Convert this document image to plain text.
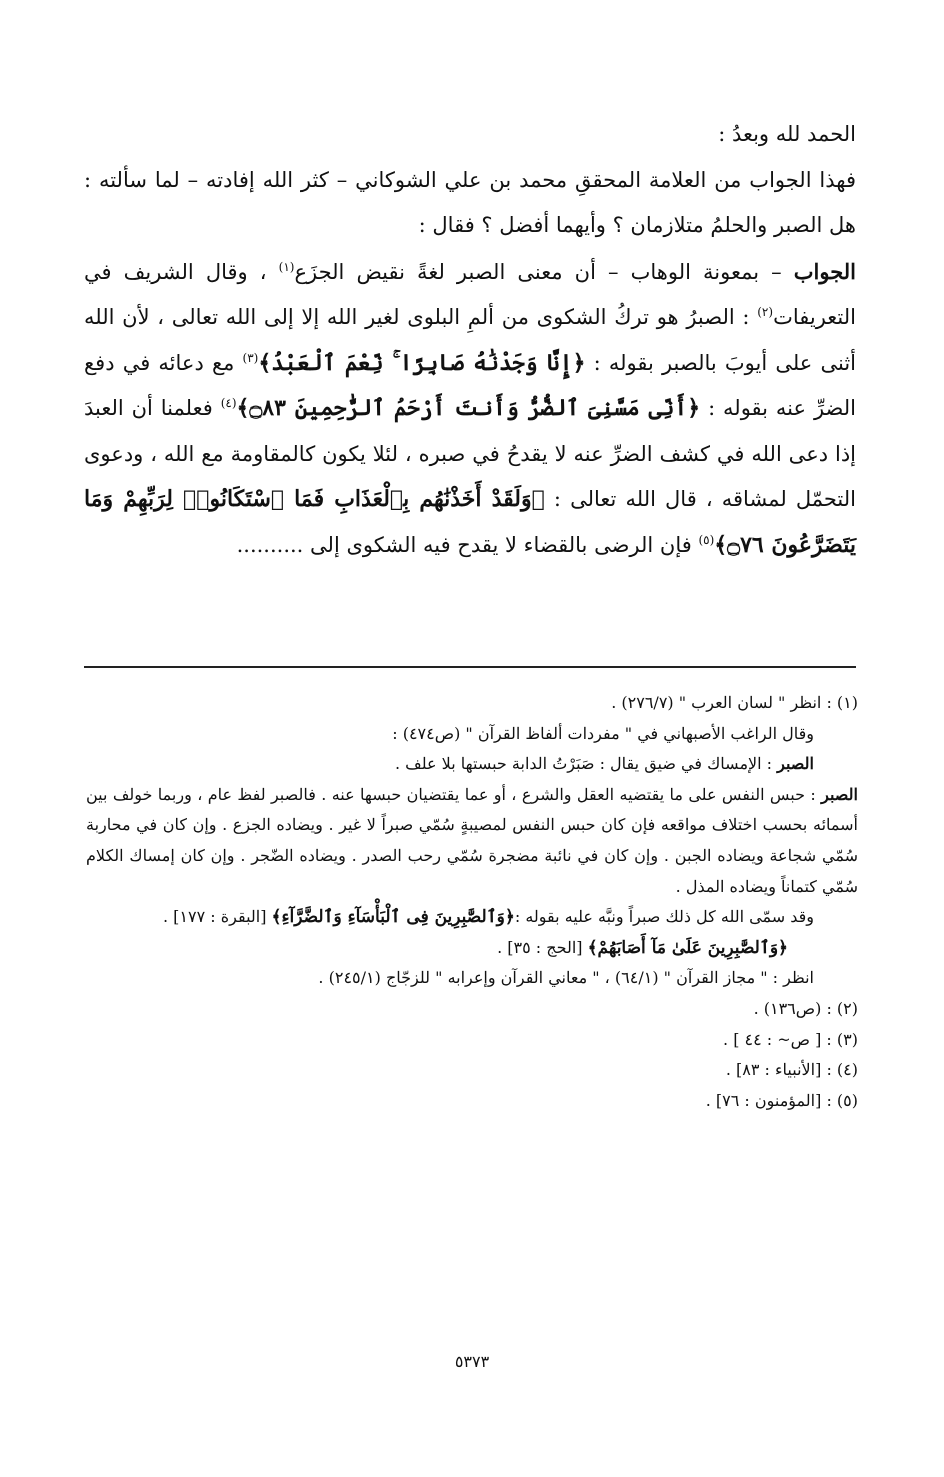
الحمد لله وبعدُ :

فهذا الجواب من العلامة المحققِ محمد بن علي الشوكاني – كثر الله إفادته – لما سألته : هل الصبر والحلمُ متلازمان ؟ وأيهما أفضل ؟ فقال :

الجواب – بمعونة الوهاب – أن معنى الصبر لغةً نقيض الجزَع$^{(١)}$ ، وقال الشريف في التعريفات$^{(٢)}$ : الصبرُ هو تركُ الشكوى من ألمِ البلوى لغير الله إلا إلى الله تعالى ، لأن الله أثنى على أيوبَ بالصبر بقوله : ﴿إِنَّا وَجَدْنَٰهُ صَابِرًا ۚ نِّعْمَ ٱلْعَبْدُ﴾$^{(٣)}$ مع دعائه في دفع الضرِّ عنه بقوله : ﴿أَنِّى مَسَّنِىَ ٱلضُّرُّ وَأَنتَ أَرْحَمُ ٱلرَّٰحِمِينَ ۝٨٣﴾$^{(٤)}$ فعلمنا أن العبدَ إذا دعى الله في كشف الضرِّ عنه لا يقدحُ في صبره ، لئلا يكون كالمقاومة مع الله ، ودعوى التحمّل لمشاقه ، قال الله تعالى : ﴿وَلَقَدْ أَخَذْنَٰهُم بِٱلْعَذَابِ فَمَا ٱسْتَكَانُوا۟ لِرَبِّهِمْ وَمَا يَتَضَرَّعُونَ ۝٧٦﴾$^{(٥)}$ فإن الرضى بالقضاء لا يقدح فيه الشكوى إلى ..........

(١) : انظر " لسان العرب " (٢٧٦/٧) .

وقال الراغب الأصبهاني في " مفردات ألفاظ القرآن " (ص٤٧٤) :

الصبر : الإمساك في ضيق يقال : صَبَرْتُ الدابة حبستها بلا علف .

الصبر : حبس النفس على ما يقتضيه العقل والشرع ، أو عما يقتضيان حبسها عنه . فالصبر لفظ عام ، وربما خولف بين أسمائه بحسب اختلاف مواقعه فإن كان حبس النفس لمصيبةٍ سُمّي صبراً لا غير . ويضاده الجزع . وإن كان في محاربة سُمّي شجاعة ويضاده الجبن . وإن كان في نائبة مضجرة سُمّي رحب الصدر . ويضاده الضّجر . وإن كان إمساك الكلام سُمّي كتماناً ويضاده المذل .

وقد سمّى الله كل ذلك صبراً ونبَّه عليه بقوله :﴿وَٱلصَّٰبِرِينَ فِى ٱلْبَأْسَآءِ وَٱلضَّرَّآءِ﴾ [البقرة : ١٧٧] .

﴿وَٱلصَّٰبِرِينَ عَلَىٰ مَآ أَصَابَهُمْ﴾ [الحج : ٣٥] .

انظر : " مجاز القرآن " (٦٤/١) ، " معاني القرآن وإعرابه " للزجّاج (٢٤٥/١) .

(٢) : (ص١٣٦) .

(٣) : [ ص~ : ٤٤ ] .

(٤) : [الأنبياء : ٨٣] .

(٥) : [المؤمنون : ٧٦] .

٥٣٧٣
